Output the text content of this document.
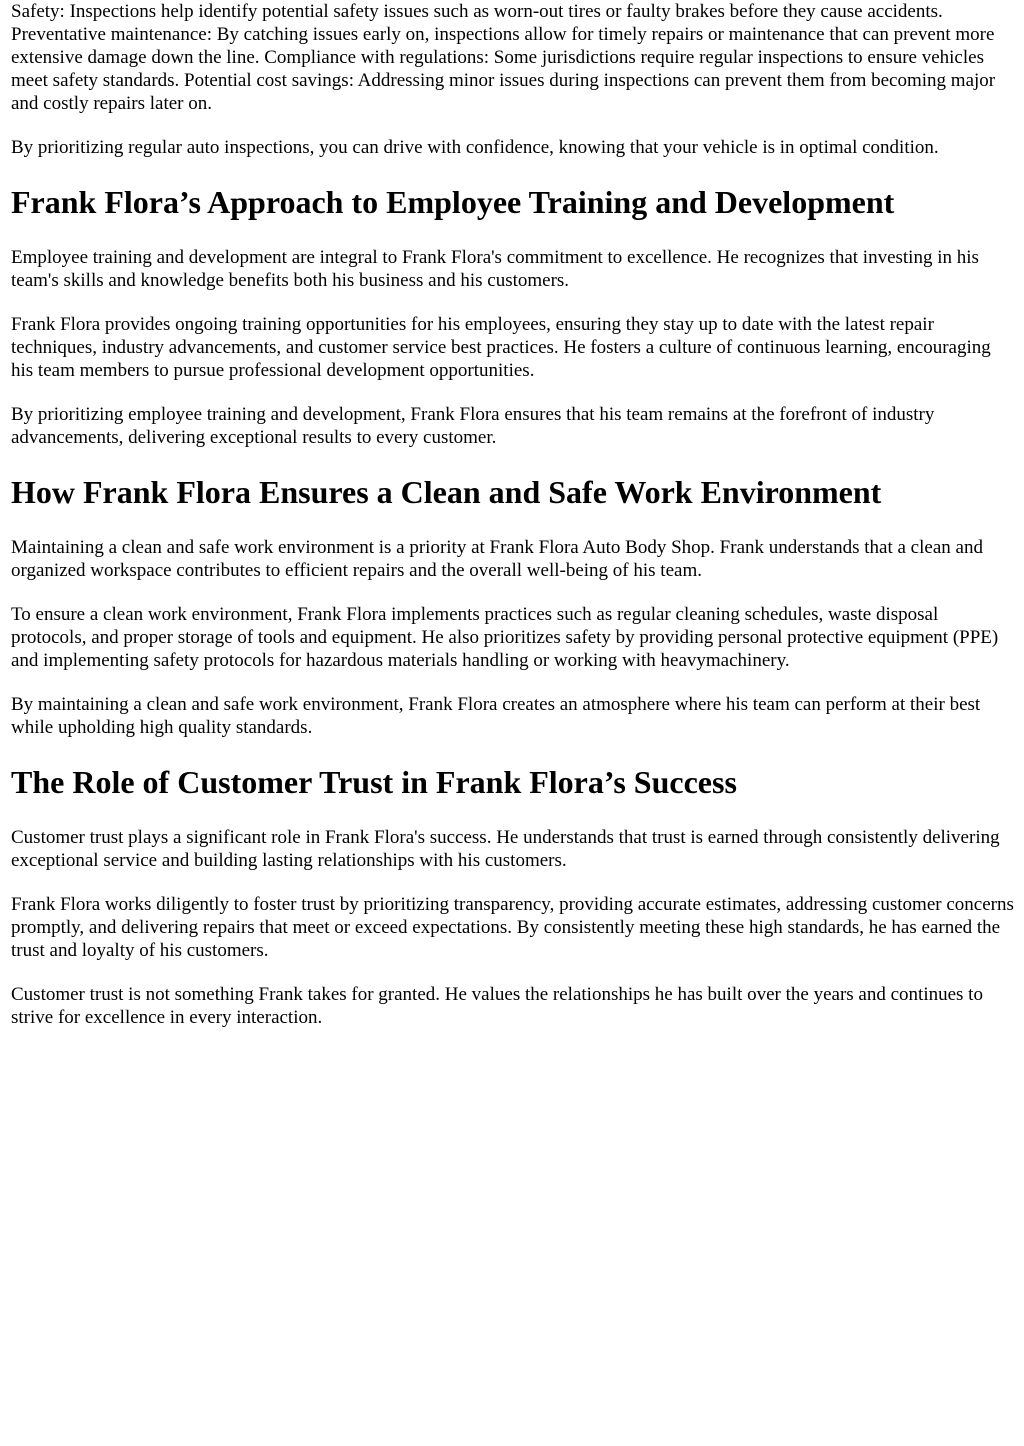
Safety: Inspections help identify potential safety issues such as worn-out tires or faulty brakes before they cause accidents. Preventative maintenance: By catching issues early on, inspections allow for timely repairs or maintenance that can prevent more extensive damage down the line. Compliance with regulations: Some jurisdictions require regular inspections to ensure vehicles meet safety standards. Potential cost savings: Addressing minor issues during inspections can prevent them from becoming major and costly repairs later on.

By prioritizing regular auto inspections, you can drive with confidence, knowing that your vehicle is in optimal condition.

Frank Flora’s Approach to Employee Training and Development

Employee training and development are integral to Frank Flora's commitment to excellence. He recognizes that investing in his team's skills and knowledge benefits both his business and his customers.

Frank Flora provides ongoing training opportunities for his employees, ensuring they stay up to date with the latest repair techniques, industry advancements, and customer service best practices. He fosters a culture of continuous learning, encouraging his team members to pursue professional development opportunities.

By prioritizing employee training and development, Frank Flora ensures that his team remains at the forefront of industry advancements, delivering exceptional results to every customer.

How Frank Flora Ensures a Clean and Safe Work Environment

Maintaining a clean and safe work environment is a priority at Frank Flora Auto Body Shop. Frank understands that a clean and organized workspace contributes to efficient repairs and the overall well-being of his team.

To ensure a clean work environment, Frank Flora implements practices such as regular cleaning schedules, waste disposal protocols, and proper storage of tools and equipment. He also prioritizes safety by providing personal protective equipment (PPE) and implementing safety protocols for hazardous materials handling or working with heavymachinery.

By maintaining a clean and safe work environment, Frank Flora creates an atmosphere where his team can perform at their best while upholding high quality standards.

The Role of Customer Trust in Frank Flora’s Success

Customer trust plays a significant role in Frank Flora's success. He understands that trust is earned through consistently delivering exceptional service and building lasting relationships with his customers.

Frank Flora works diligently to foster trust by prioritizing transparency, providing accurate estimates, addressing customer concerns promptly, and delivering repairs that meet or exceed expectations. By consistently meeting these high standards, he has earned the trust and loyalty of his customers.

Customer trust is not something Frank takes for granted. He values the relationships he has built over the years and continues to strive for excellence in every interaction.
